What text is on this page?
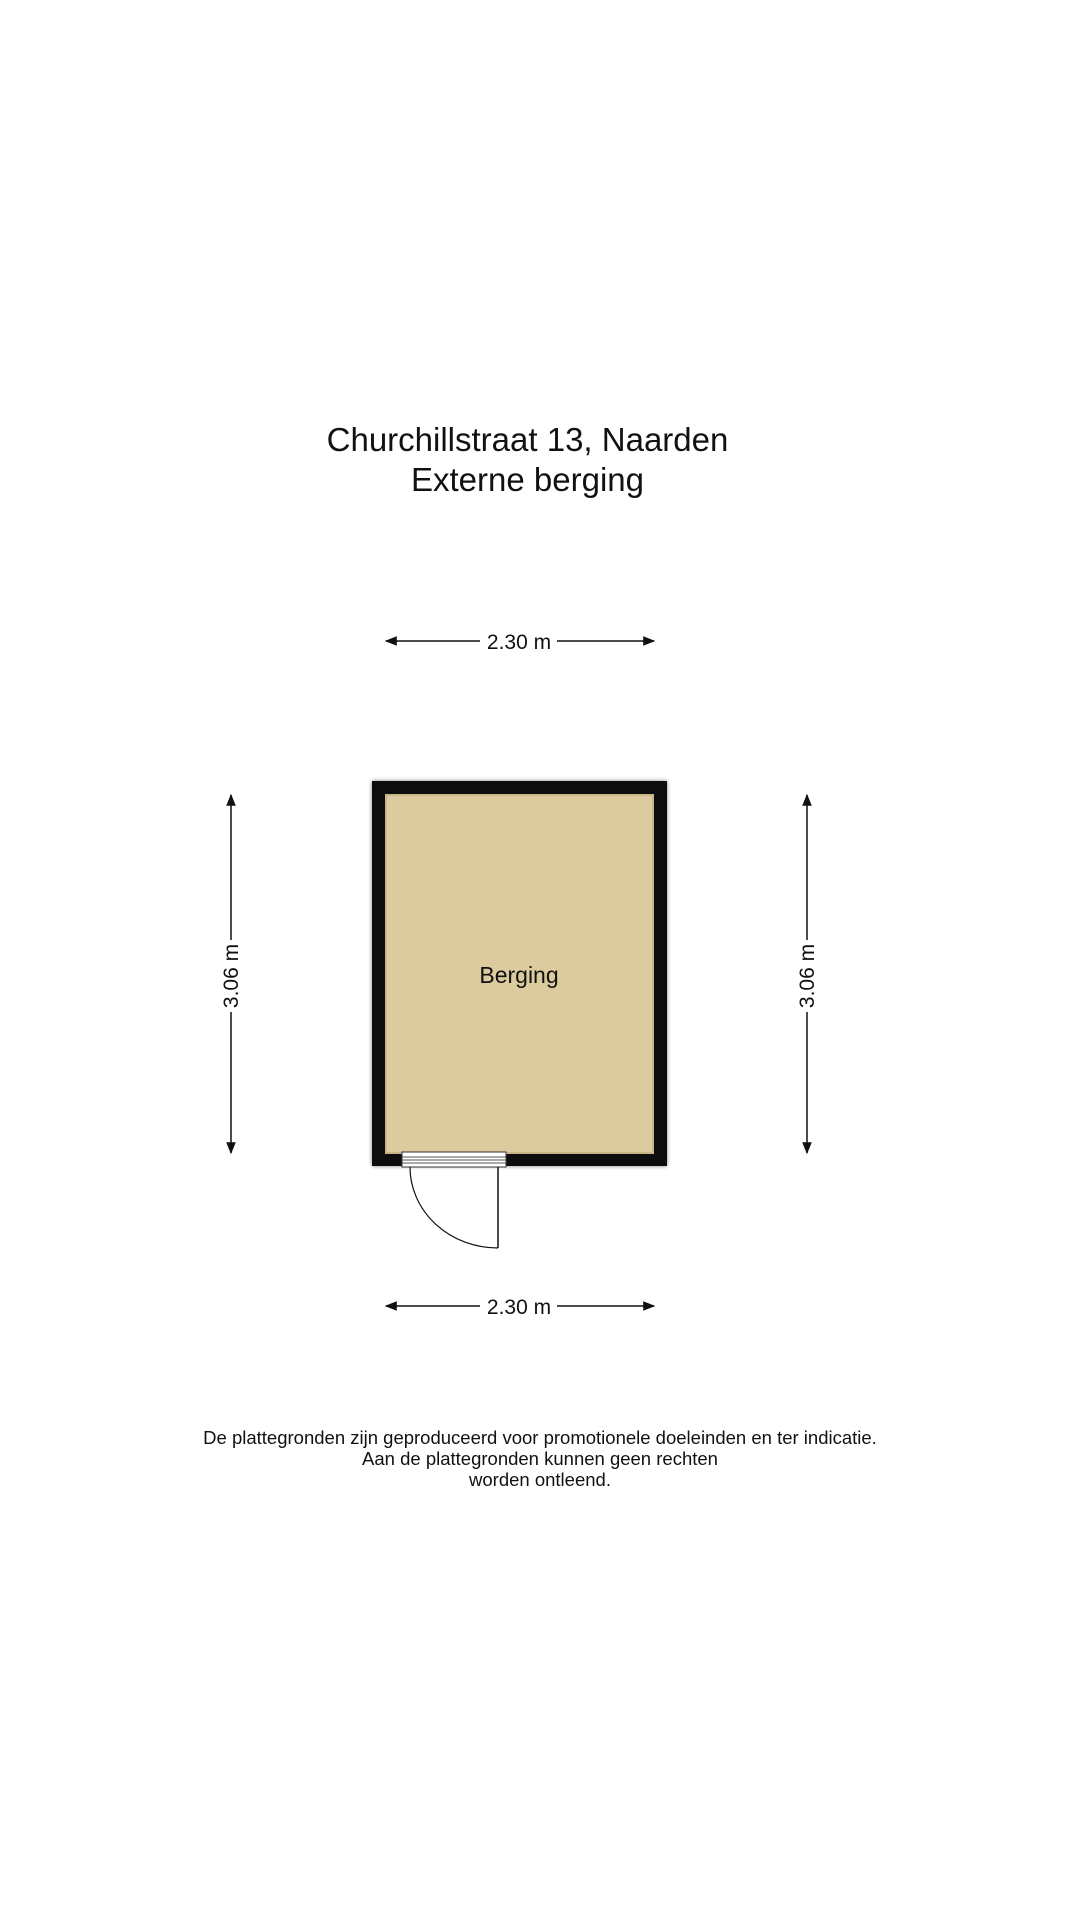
Churchillstraat 13, Naarden
Externe berging
2.30 m
2.30 m
3.06 m	3.06 m
Berging
De plattegronden zijn geproduceerd voor promotionele doeleinden en ter indicatie.
Aan de plattegronden kunnen geen rechten
worden ontleend.
